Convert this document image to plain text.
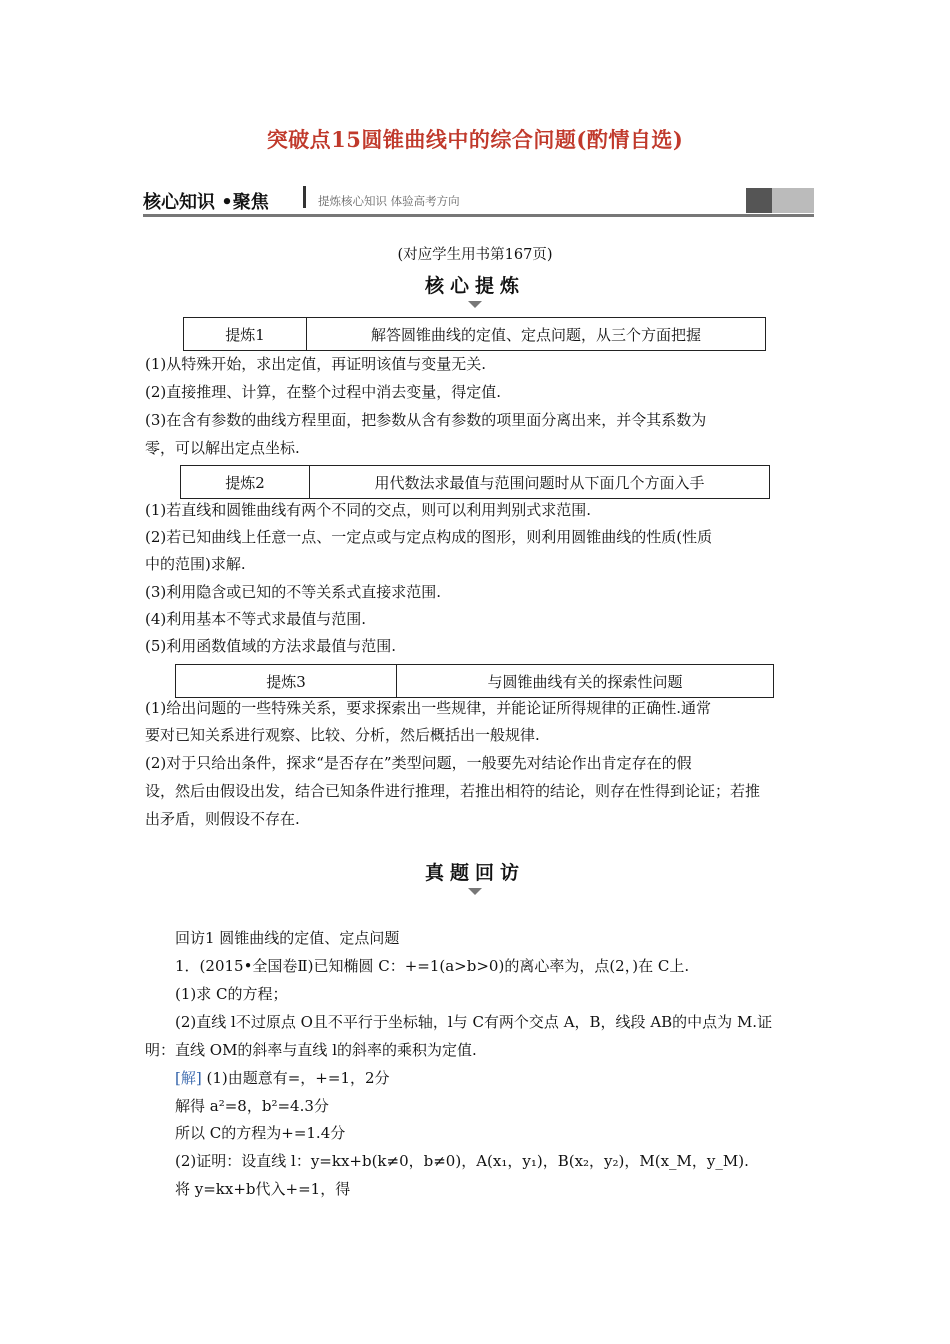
突破点15圆锥曲线中的综合问题(酌情自选)
核心知识 •聚焦	提炼核心知识 体验高考方向
(对应学生用书第167页)
核心提炼
提炼1	解答圆锥曲线的定值、定点问题，从三个方面把握
(1)从特殊开始，求出定值，再证明该值与变量无关.
(2)直接推理、计算，在整个过程中消去变量，得定值.
(3)在含有参数的曲线方程里面，把参数从含有参数的项里面分离出来，并令其系数为
零，可以解出定点坐标.
提炼2	用代数法求最值与范围问题时从下面几个方面入手
(1)若直线和圆锥曲线有两个不同的交点，则可以利用判别式求范围.
(2)若已知曲线上任意一点、一定点或与定点构成的图形，则利用圆锥曲线的性质(性质
中的范围)求解.
(3)利用隐含或已知的不等关系式直接求范围.
(4)利用基本不等式求最值与范围.
(5)利用函数值域的方法求最值与范围.
提炼3	与圆锥曲线有关的探索性问题
(1)给出问题的一些特殊关系，要求探索出一些规律，并能论证所得规律的正确性.通常
要对已知关系进行观察、比较、分析，然后概括出一般规律.
(2)对于只给出条件，探求“是否存在”类型问题，一般要先对结论作出肯定存在的假
设，然后由假设出发，结合已知条件进行推理，若推出相符的结论，则存在性得到论证；若推
出矛盾，则假设不存在.
真题回访
回访1 圆锥曲线的定值、定点问题
1．(2015•全国卷Ⅱ)已知椭圆 C：+=1(a>b>0)的离心率为，点(2，)在 C上.
(1)求 C的方程；
(2)直线 l不过原点 O且不平行于坐标轴，l与 C有两个交点 A，B，线段 AB的中点为 M.证
明：直线 OM的斜率与直线 l的斜率的乘积为定值.
[解] (1)由题意有=，+=1，2分
解得 a²=8，b²=4.3分
所以 C的方程为+=1.4分
(2)证明：设直线 l：y=kx+b(k≠0，b≠0)，A(x₁，y₁)，B(x₂，y₂)，M(x_M，y_M).
将 y=kx+b代入+=1，得
